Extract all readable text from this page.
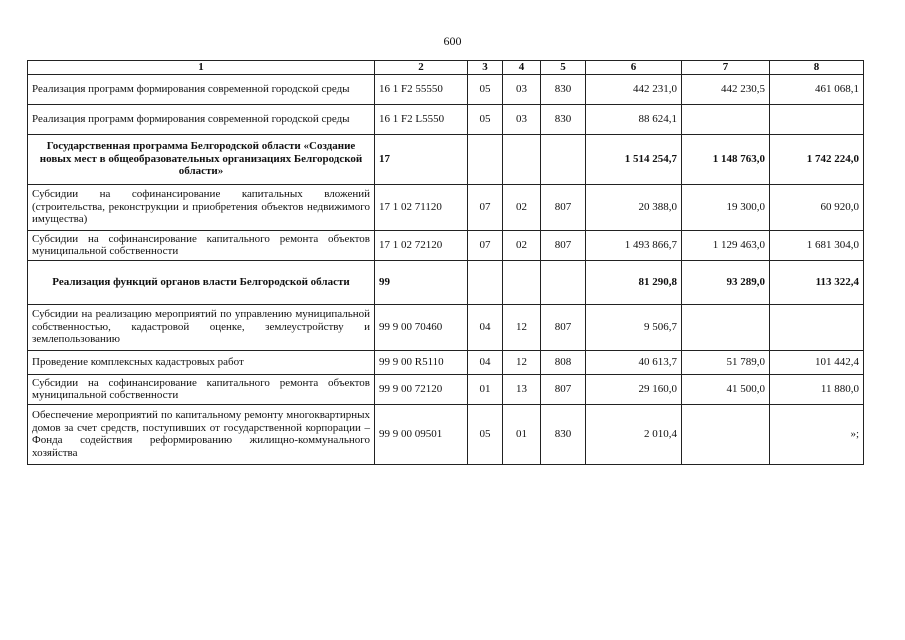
600
1	2	3	4	5	6	7	8
Реализация программ формирования современной городской среды	16 1 F2 55550	05	03	830	442 231,0	442 230,5	461 068,1
Реализация программ формирования современной городской среды	16 1 F2 L5550	05	03	830	88 624,1		
Государственная программа Белгородской области «Создание новых мест в общеобразовательных организациях Белгородской области»	17				1 514 254,7	1 148 763,0	1 742 224,0
Субсидии на софинансирование капитальных вложений (строительства, реконструкции и приобретения объектов недвижимого имущества)	17 1 02 71120	07	02	807	20 388,0	19 300,0	60 920,0
Субсидии на софинансирование капитального ремонта объектов муниципальной собственности	17 1 02 72120	07	02	807	1 493 866,7	1 129 463,0	1 681 304,0
Реализация функций органов власти Белгородской области	99				81 290,8	93 289,0	113 322,4
Субсидии на реализацию мероприятий по управлению муниципальной собственностью, кадастровой оценке, землеустройству и землепользованию	99 9 00 70460	04	12	807	9 506,7		
Проведение комплексных кадастровых работ	99 9 00 R5110	04	12	808	40 613,7	51 789,0	101 442,4
Субсидии на софинансирование капитального ремонта объектов муниципальной собственности	99 9 00 72120	01	13	807	29 160,0	41 500,0	11 880,0
Обеспечение мероприятий по капитальному ремонту многоквартирных домов за счет средств, поступивших от государственной корпорации – Фонда содействия реформированию жилищно-коммунального хозяйства	99 9 00 09501	05	01	830	2 010,4		»;
